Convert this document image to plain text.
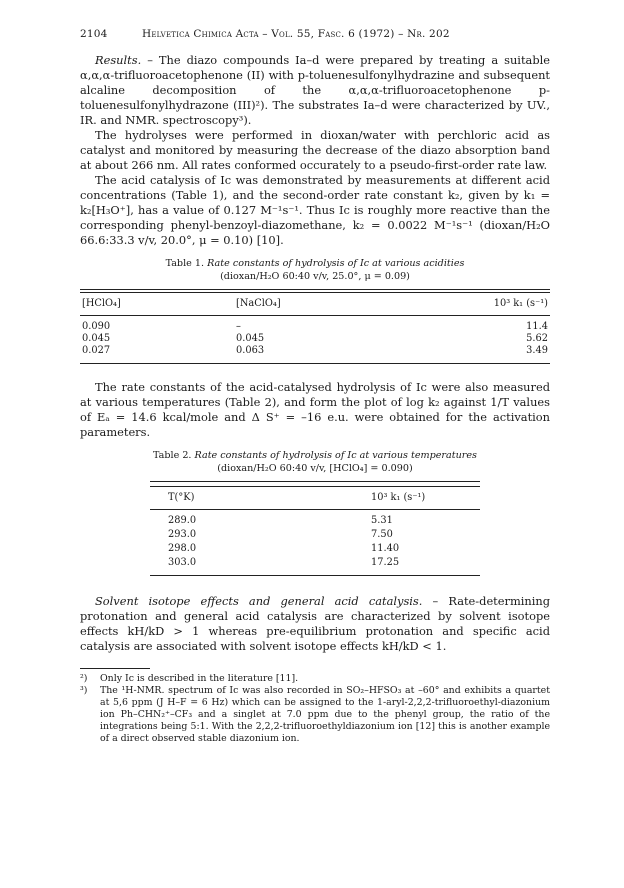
2104	Helvetica Chimica Acta – Vol. 55, Fasc. 6 (1972) – Nr. 202

Results. – The diazo compounds Ia–d were prepared by treating a suitable α,α,α-trifluoroacetophenone (II) with p-toluenesulfonylhydrazine and subsequent alcaline decomposition of the α,α,α-trifluoroacetophenone p-toluenesulfonylhydrazone (III)²). The substrates Ia–d were characterized by UV., IR. and NMR. spectroscopy³).

The hydrolyses were performed in dioxan/water with perchloric acid as catalyst and monitored by measuring the decrease of the diazo absorption band at about 266 nm. All rates conformed occurately to a pseudo-first-order rate law.

The acid catalysis of Ic was demonstrated by measurements at different acid concentrations (Table 1), and the second-order rate constant k₂, given by k₁ = k₂[H₃O⁺], has a value of 0.127 M⁻¹s⁻¹. Thus Ic is roughly more reactive than the corresponding phenyl-benzoyl-diazomethane, k₂ = 0.0022 M⁻¹s⁻¹ (dioxan/H₂O 66.6:33.3 v/v, 20.0°, μ = 0.10) [10].

Table 1. Rate constants of hydrolysis of Ic at various acidities
(dioxan/H₂O 60:40 v/v, 25.0°, μ = 0.09)

[HClO₄]	[NaClO₄]	10³ k₁ (s⁻¹)
0.090	–	11.4
0.045	0.045	5.62
0.027	0.063	3.49

The rate constants of the acid-catalysed hydrolysis of Ic were also measured at various temperatures (Table 2), and form the plot of log k₂ against 1/T values of Eₐ = 14.6 kcal/mole and Δ S⁺ = –16 e.u. were obtained for the activation parameters.

Table 2. Rate constants of hydrolysis of Ic at various temperatures
(dioxan/H₂O 60:40 v/v, [HClO₄] = 0.090)

T(°K)	10³ k₁ (s⁻¹)
289.0	5.31
293.0	7.50
298.0	11.40
303.0	17.25

Solvent isotope effects and general acid catalysis. – Rate-determining protonation and general acid catalysis are characterized by solvent isotope effects kH/kD > 1 whereas pre-equilibrium protonation and specific acid catalysis are associated with solvent isotope effects kH/kD < 1.

²)	Only Ic is described in the literature [11].
³)	The ¹H-NMR. spectrum of Ic was also recorded in SO₂–HFSO₃ at –60° and exhibits a quartet at 5,6 ppm (J H–F = 6 Hz) which can be assigned to the 1-aryl-2,2,2-trifluoroethyl-diazonium ion Ph–CHN₂⁺–CF₃ and a singlet at 7.0 ppm due to the phenyl group, the ratio of the integrations being 5:1. With the 2,2,2-trifluoroethyldiazonium ion [12] this is another example of a direct observed stable diazonium ion.
